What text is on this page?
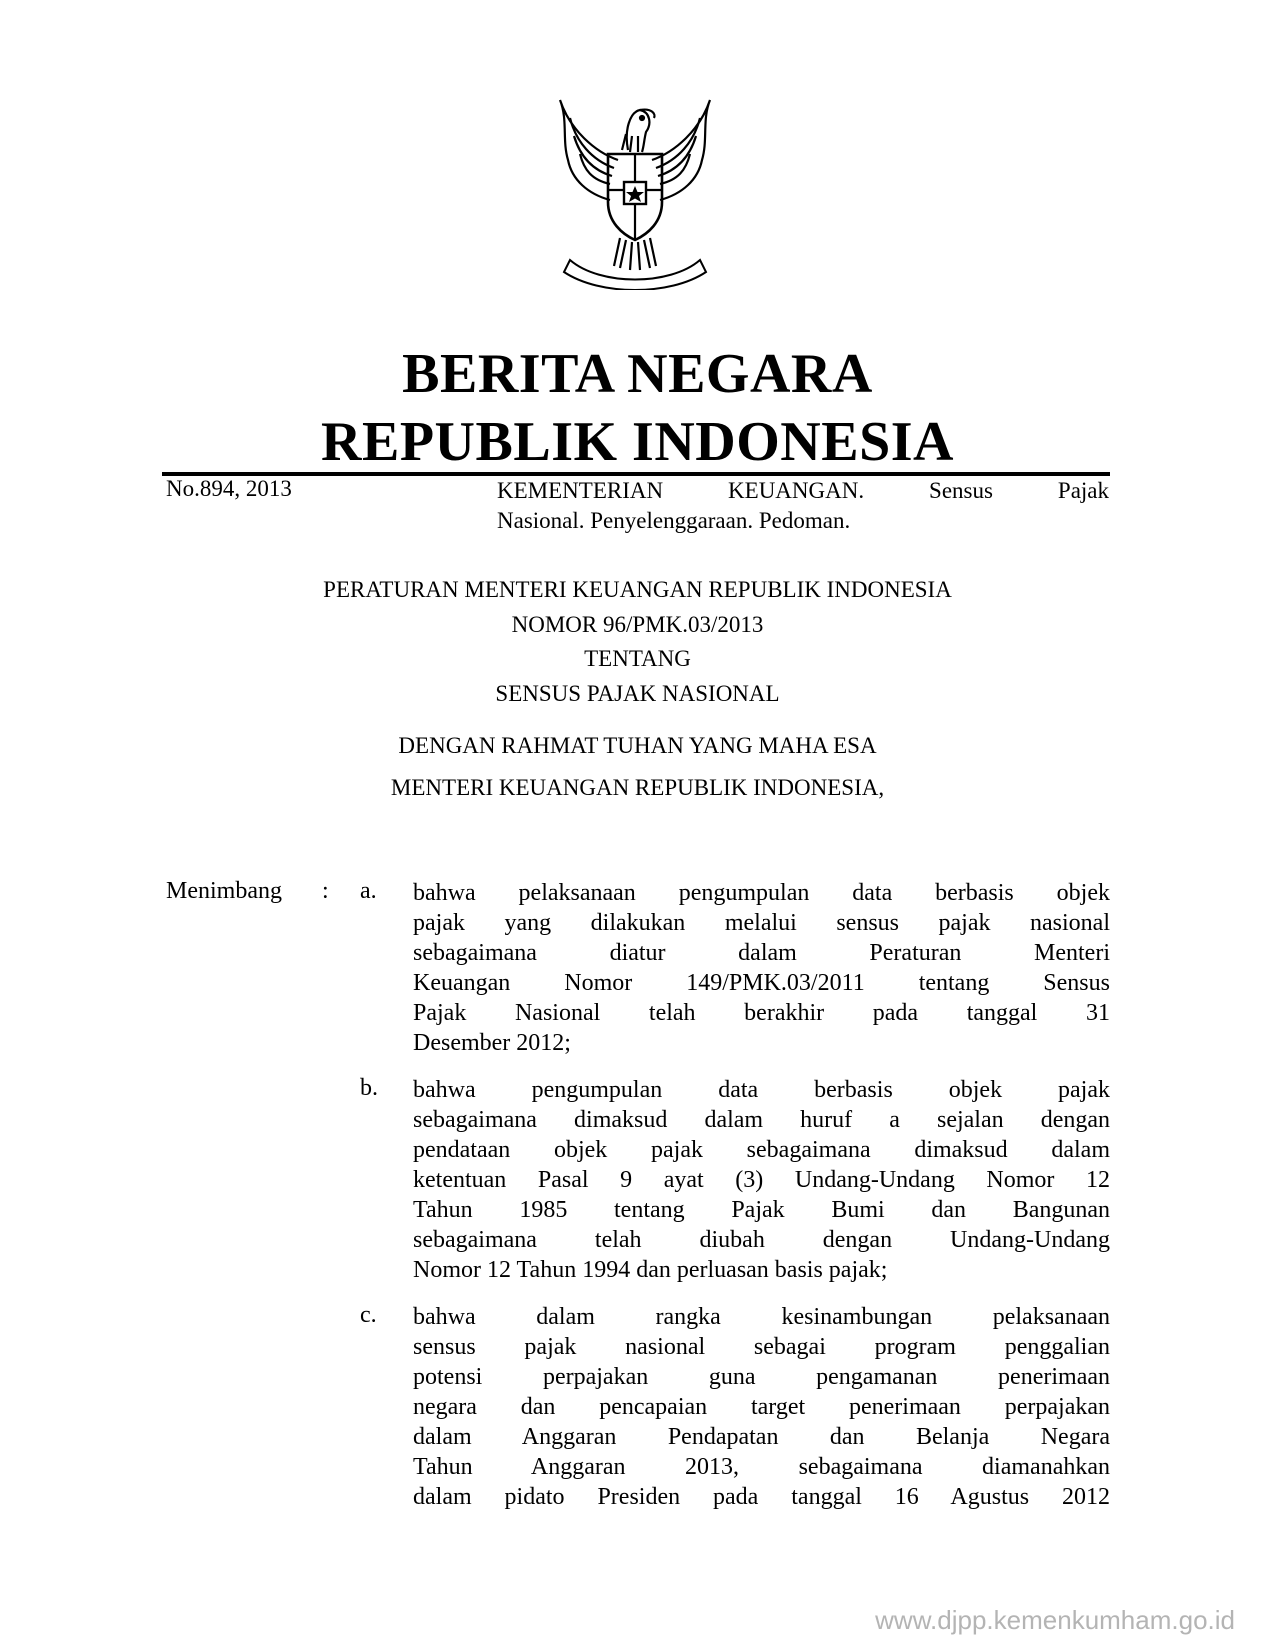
BERITA NEGARA
REPUBLIK INDONESIA
No.894, 2013	KEMENTERIAN KEUANGAN. Sensus Pajak
Nasional. Penyelenggaraan. Pedoman.
PERATURAN MENTERI KEUANGAN REPUBLIK INDONESIA
NOMOR 96/PMK.03/2013
TENTANG
SENSUS PAJAK NASIONAL
DENGAN RAHMAT TUHAN YANG MAHA ESA
MENTERI KEUANGAN REPUBLIK INDONESIA,
Menimbang : a. bahwa pelaksanaan pengumpulan data berbasis objek
pajak yang dilakukan melalui sensus pajak nasional
sebagaimana diatur dalam Peraturan Menteri
Keuangan Nomor 149/PMK.03/2011 tentang Sensus
Pajak Nasional telah berakhir pada tanggal 31
Desember 2012;
b. bahwa pengumpulan data berbasis objek pajak
sebagaimana dimaksud dalam huruf a sejalan dengan
pendataan objek pajak sebagaimana dimaksud dalam
ketentuan Pasal 9 ayat (3) Undang-Undang Nomor 12
Tahun 1985 tentang Pajak Bumi dan Bangunan
sebagaimana telah diubah dengan Undang-Undang
Nomor 12 Tahun 1994 dan perluasan basis pajak;
c. bahwa dalam rangka kesinambungan pelaksanaan
sensus pajak nasional sebagai program penggalian
potensi perpajakan guna pengamanan penerimaan
negara dan pencapaian target penerimaan perpajakan
dalam Anggaran Pendapatan dan Belanja Negara
Tahun Anggaran 2013, sebagaimana diamanahkan
dalam pidato Presiden pada tanggal 16 Agustus 2012
www.djpp.kemenkumham.go.id
